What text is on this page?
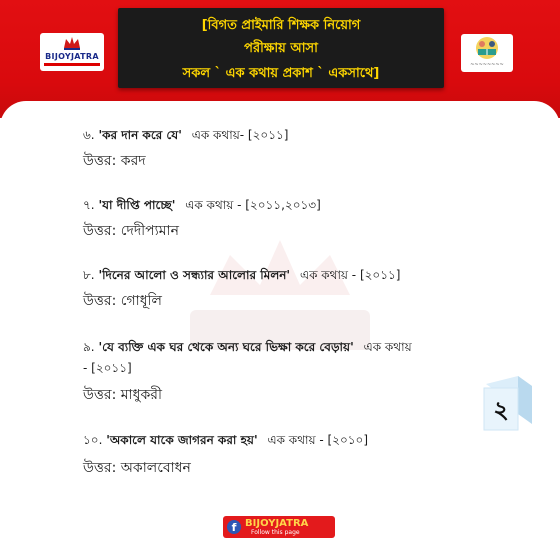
BIJOYJATRA
[বিগত প্রাইমারি শিক্ষক নিয়োগ
পরীক্ষায় আসা
সকল ` এক কথায় প্রকাশ ` একসাথে]
~~~~~~~~
৬. 'কর দান করে যে' এক কথায়- [২০১১]
উত্তর: করদ
৭. 'যা দীপ্তি পাচ্ছে' এক কথায় - [২০১১,২০১৩]
উত্তর: দেদীপ্যমান
৮. 'দিনের আলো ও সন্ধ্যার আলোর মিলন' এক কথায় - [২০১১]
উত্তর: গোধূলি
৯. 'যে ব্যক্তি এক ঘর থেকে অন্য ঘরে ভিক্ষা করে বেড়ায়' এক কথায়
- [২০১১]
উত্তর: মাধুকরী
১০. 'অকালে যাকে জাগরন করা হয়' এক কথায় - [২০১০]
উত্তর: অকালবোধন
২
f BIJOYJATRA
Follow this page
